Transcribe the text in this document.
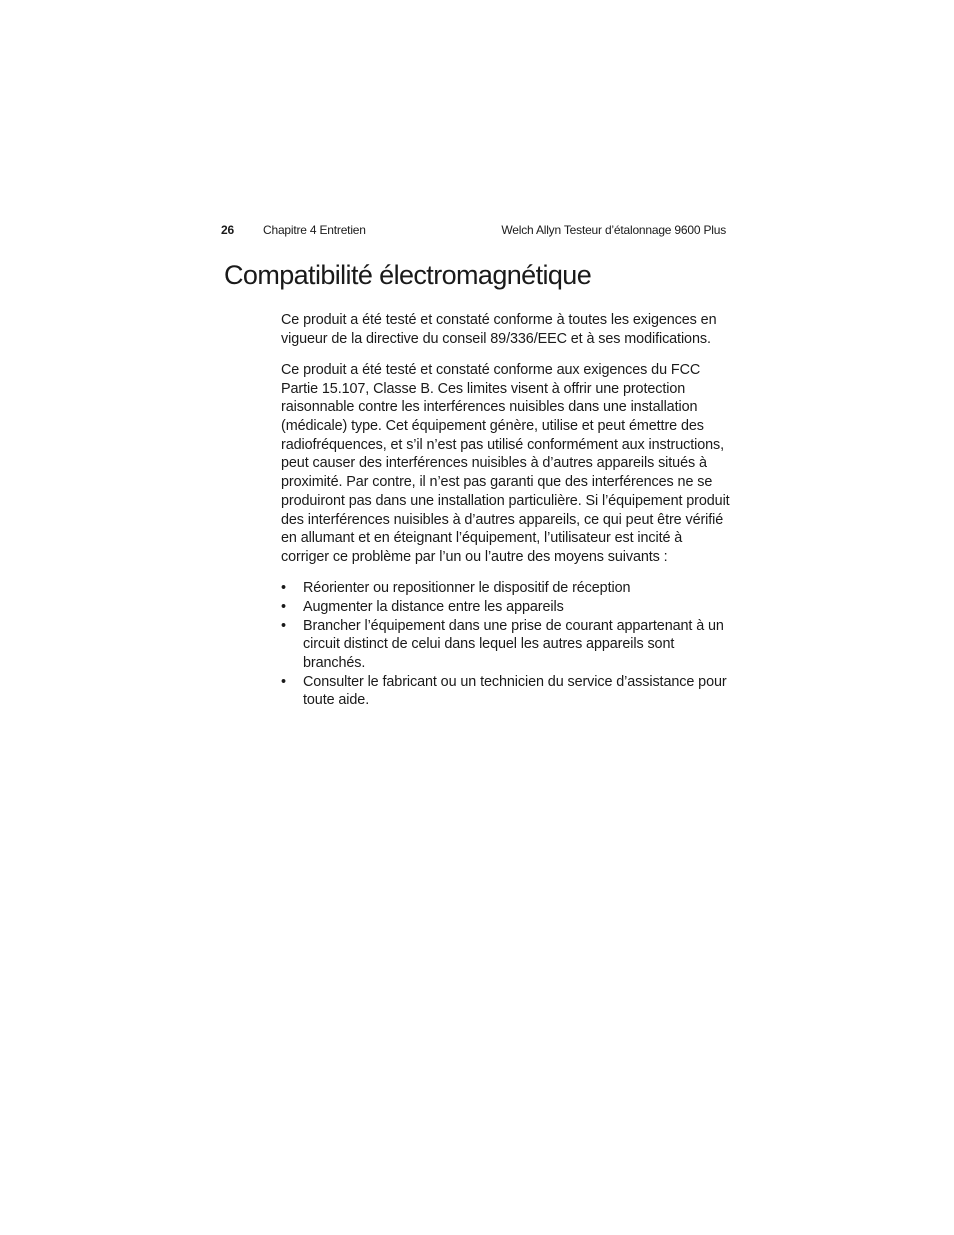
26 Chapitre 4 Entretien	Welch Allyn Testeur d’étalonnage 9600 Plus
Compatibilité électromagnétique

Ce produit a été testé et constaté conforme à toutes les exigences en vigueur de la directive du conseil 89/336/EEC et à ses modifications.

Ce produit a été testé et constaté conforme aux exigences du FCC Partie 15.107, Classe B. Ces limites visent à offrir une protection raisonnable contre les interférences nuisibles dans une installation (médicale) type. Cet équipement génère, utilise et peut émettre des radiofréquences, et s’il n’est pas utilisé conformément aux instructions, peut causer des interférences nuisibles à d’autres appareils situés à proximité. Par contre, il n’est pas garanti que des interférences ne se produiront pas dans une installation particulière. Si l’équipement produit des interférences nuisibles à d’autres appareils, ce qui peut être vérifié en allumant et en éteignant l’équipement, l’utilisateur est incité à corriger ce problème par l’un ou l’autre des moyens suivants :

• Réorienter ou repositionner le dispositif de réception
• Augmenter la distance entre les appareils
• Brancher l’équipement dans une prise de courant appartenant à un circuit distinct de celui dans lequel les autres appareils sont branchés.
• Consulter le fabricant ou un technicien du service d’assistance pour toute aide.
